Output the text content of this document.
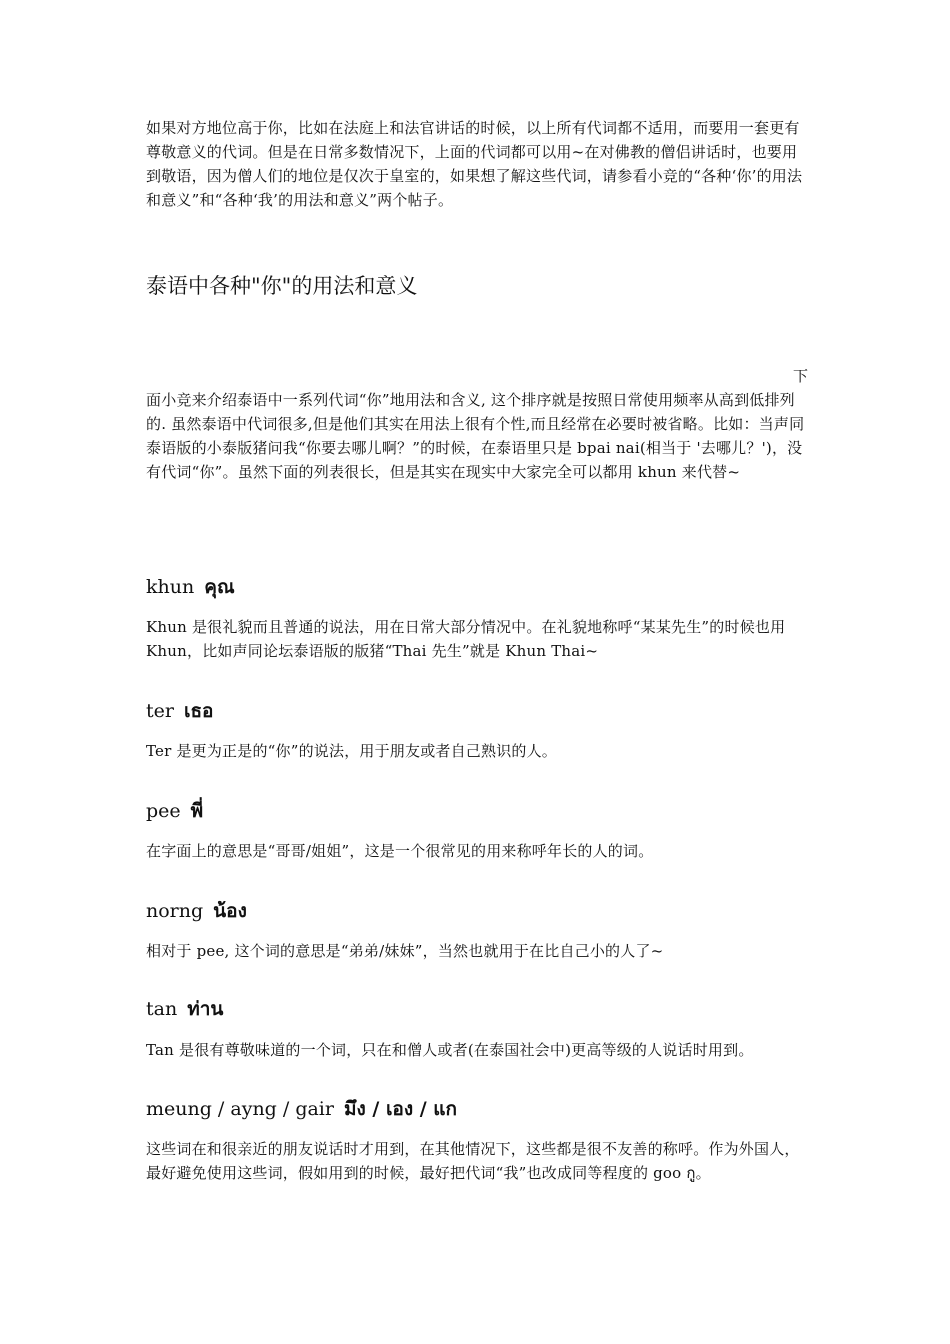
如果对方地位高于你，比如在法庭上和法官讲话的时候，以上所有代词都不适用，而要用一套更有尊敬意义的代词。但是在日常多数情况下，上面的代词都可以用~在对佛教的僧侣讲话时，也要用到敬语，因为僧人们的地位是仅次于皇室的，如果想了解这些代词，请参看小竞的“各种‘你’的用法和意义”和“各种‘我’的用法和意义”两个帖子。

泰语中各种"你"的用法和意义
下

面小竞来介绍泰语中一系列代词“你”地用法和含义, 这个排序就是按照日常使用频率从高到低排列的. 虽然泰语中代词很多,但是他们其实在用法上很有个性,而且经常在必要时被省略。比如：当声同泰语版的小泰版猪问我“你要去哪儿啊？”的时候，在泰语里只是 bpai nai(相当于 '去哪儿？')，没有代词“你”。虽然下面的列表很长，但是其实在现实中大家完全可以都用 khun 来代替~

khun คุณ

Khun 是很礼貌而且普通的说法，用在日常大部分情况中。在礼貌地称呼“某某先生”的时候也用 Khun，比如声同论坛泰语版的版猪“Thai 先生”就是 Khun Thai~

ter เธอ

Ter 是更为正是的“你”的说法，用于朋友或者自己熟识的人。

pee พี่

在字面上的意思是“哥哥/姐姐”，这是一个很常见的用来称呼年长的人的词。

norng น้อง

相对于 pee, 这个词的意思是“弟弟/妹妹”，当然也就用于在比自己小的人了~

tan ท่าน

Tan 是很有尊敬味道的一个词，只在和僧人或者(在泰国社会中)更高等级的人说话时用到。

meung / ayng / gair มึง / เอง / แก

这些词在和很亲近的朋友说话时才用到，在其他情况下，这些都是很不友善的称呼。作为外国人，最好避免使用这些词，假如用到的时候，最好把代词“我”也改成同等程度的 goo กู。
